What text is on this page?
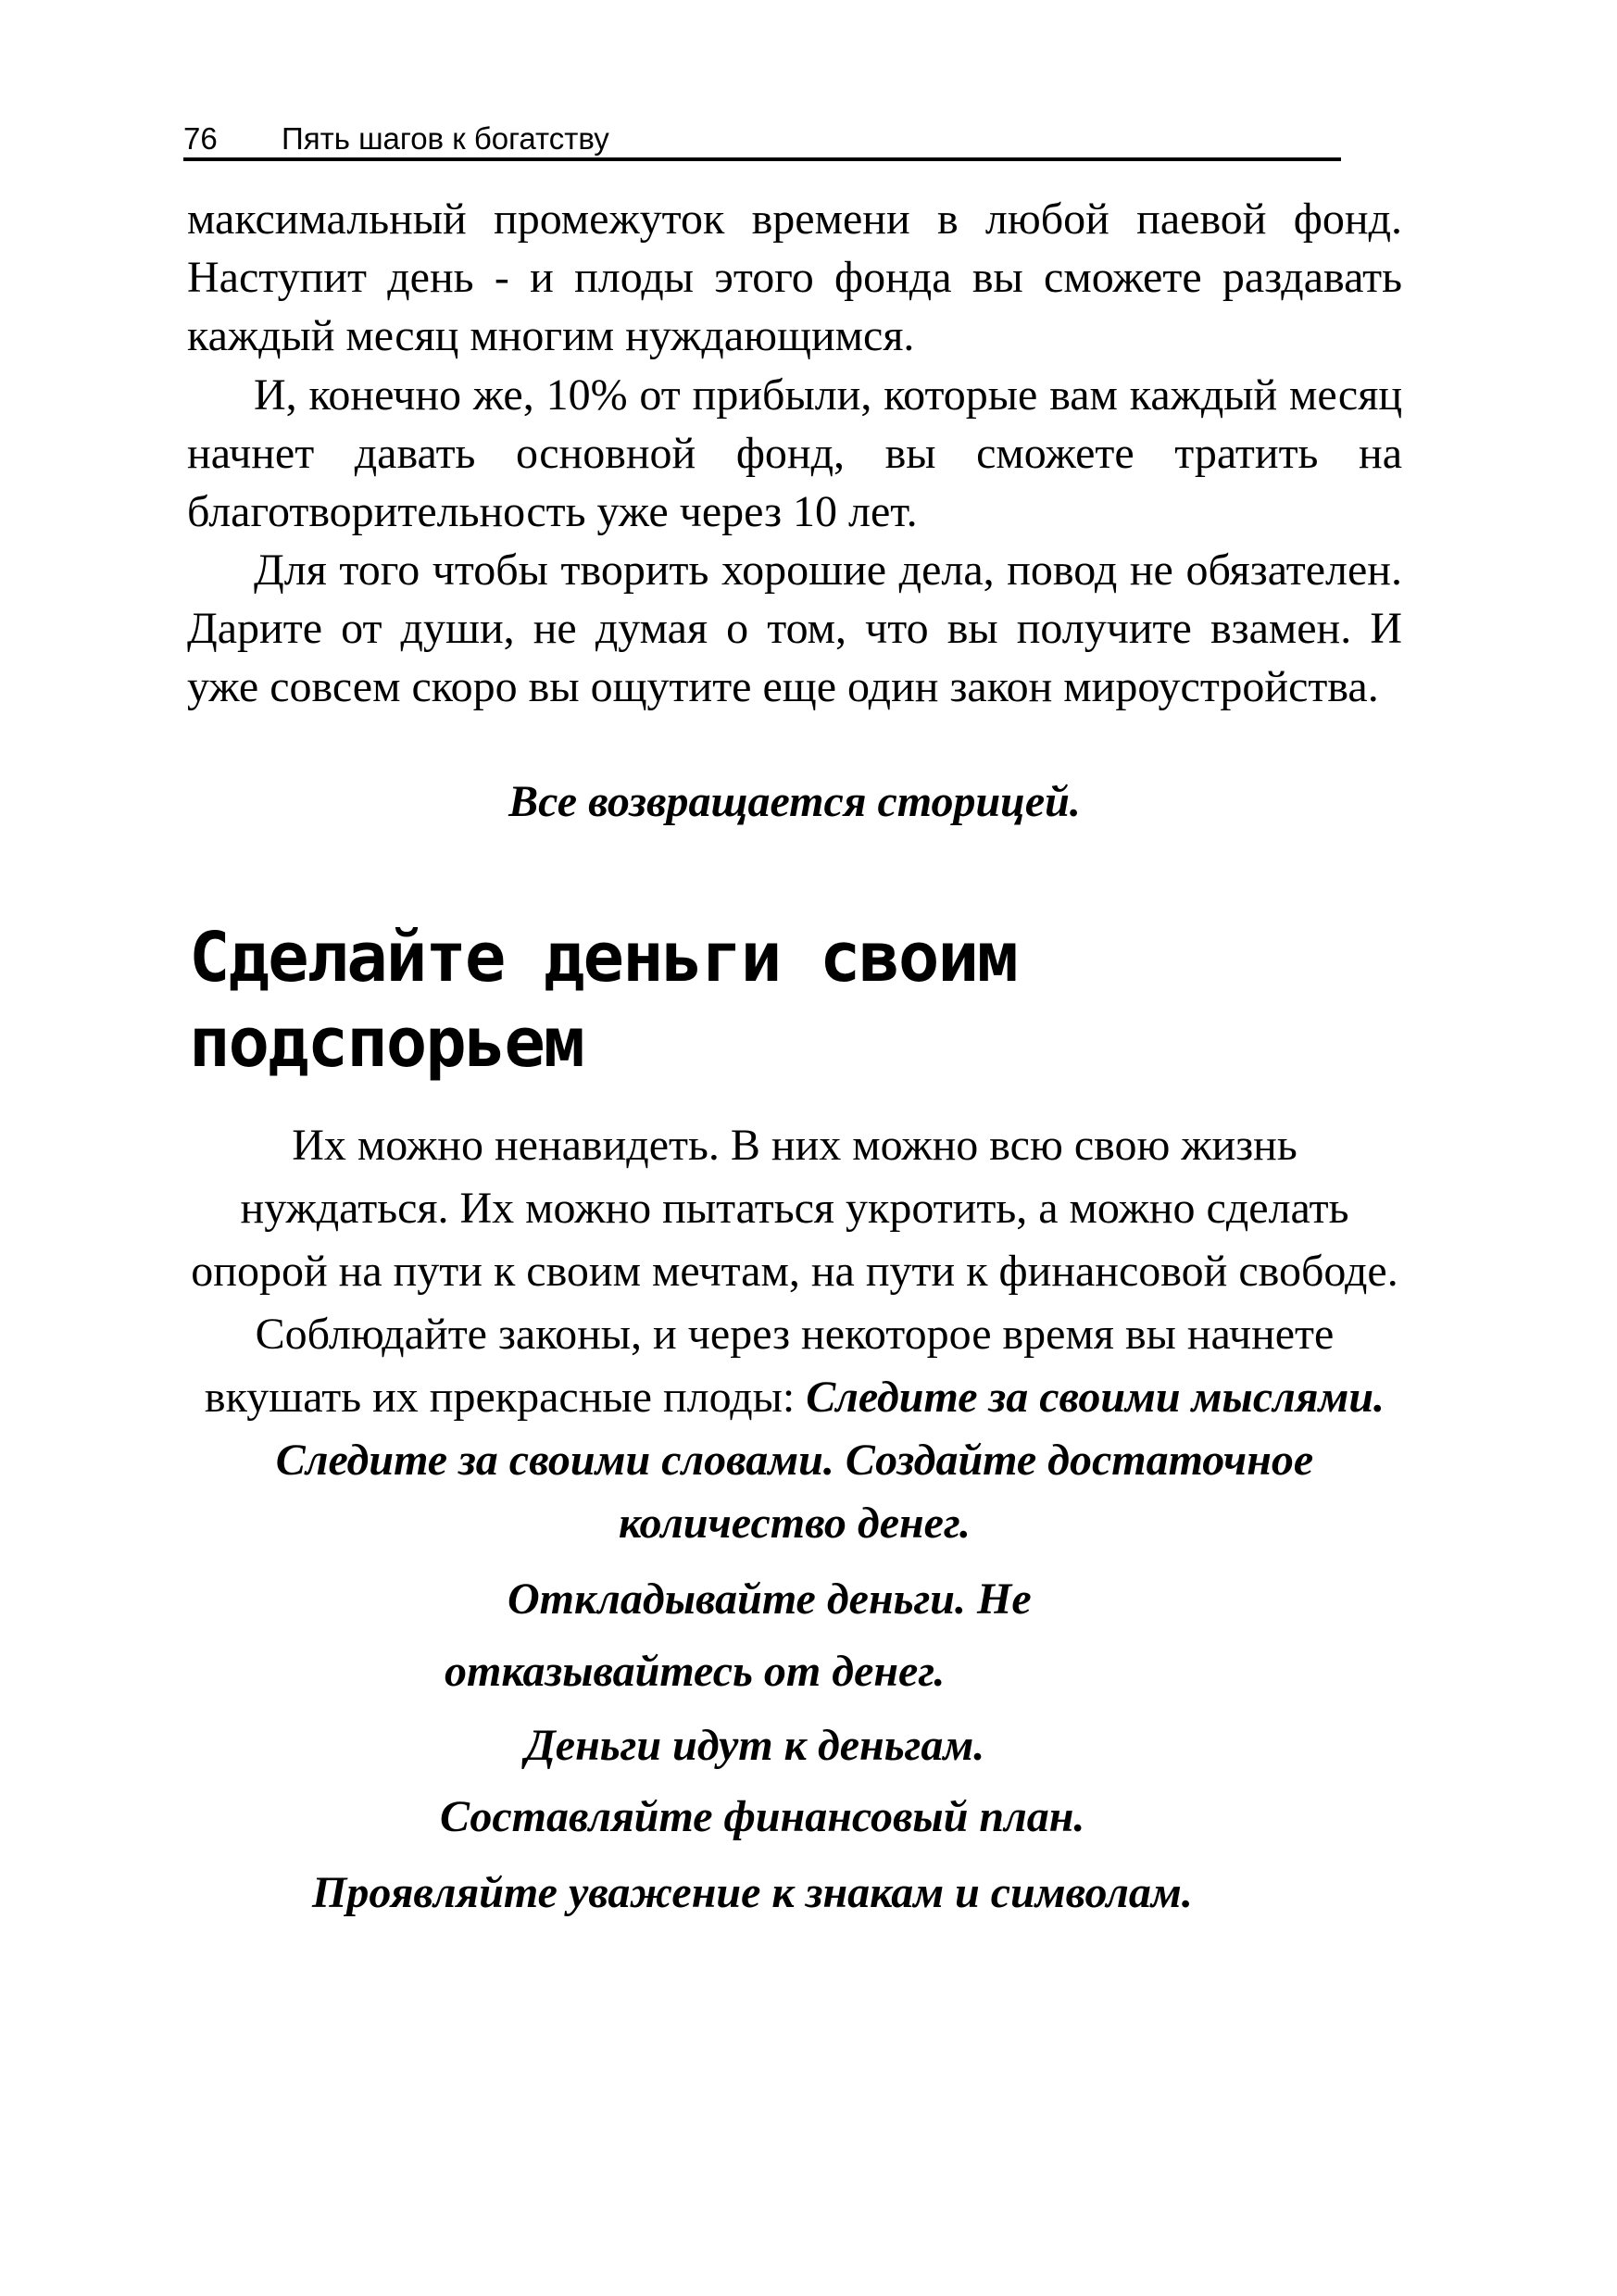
76	Пять шагов к богатству

максимальный промежуток времени в любой паевой фонд. Наступит день - и плоды этого фонда вы сможете раздавать каждый месяц многим нуждающимся.

И, конечно же, 10% от прибыли, которые вам каждый месяц начнет давать основной фонд, вы сможете тратить на благотворительность уже через 10 лет.

Для того чтобы творить хорошие дела, повод не обязателен. Дарите от души, не думая о том, что вы получите взамен. И уже совсем скоро вы ощутите еще один закон мироустройства.

Все возвращается сторицей.

Сделайте деньги своим
подспорьем

Их можно ненавидеть. В них можно всю свою жизнь нуждаться. Их можно пытаться укротить, а можно сделать опорой на пути к своим мечтам, на пути к финансовой свободе. Соблюдайте законы, и через некоторое время вы начнете вкушать их прекрасные плоды: Следите за своими мыслями. Следите за своими словами. Создайте достаточное количество денег.

Откладывайте деньги. Не

отказывайтесь от денег.

Деньги идут к деньгам.

Составляйте финансовый план.

Проявляйте уважение к знакам и символам.
